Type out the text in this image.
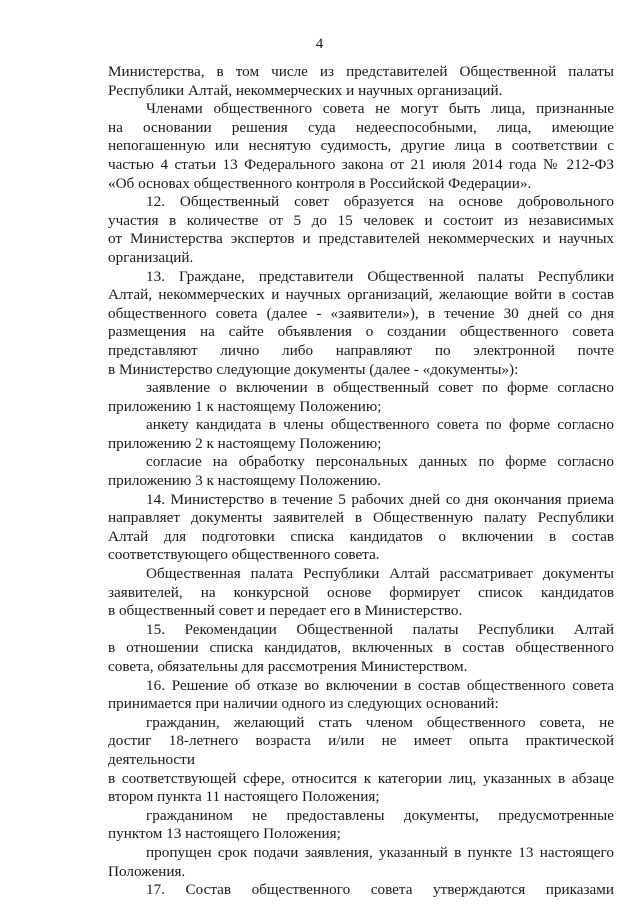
4
Министерства, в том числе из представителей Общественной палаты
Республики Алтай, некоммерческих и научных организаций.
Членами общественного совета не могут быть лица, признанные
на основании решения суда недееспособными, лица, имеющие
непогашенную или неснятую судимость, другие лица в соответствии с
частью 4 статьи 13 Федерального закона от 21 июля 2014 года № 212-ФЗ
«Об основах общественного контроля в Российской Федерации».
12. Общественный совет образуется на основе добровольного
участия в количестве от 5 до 15 человек и состоит из независимых
от Министерства экспертов и представителей некоммерческих и научных
организаций.
13. Граждане, представители Общественной палаты Республики
Алтай, некоммерческих и научных организаций, желающие войти в состав
общественного совета (далее - «заявители»), в течение 30 дней со дня
размещения на сайте объявления о создании общественного совета
представляют лично либо направляют по электронной почте
в Министерство следующие документы (далее - «документы»):
заявление о включении в общественный совет по форме согласно
приложению 1 к настоящему Положению;
анкету кандидата в члены общественного совета по форме согласно
приложению 2 к настоящему Положению;
согласие на обработку персональных данных по форме согласно
приложению 3 к настоящему Положению.
14. Министерство в течение 5 рабочих дней со дня окончания приема
направляет документы заявителей в Общественную палату Республики
Алтай для подготовки списка кандидатов о включении в состав
соответствующего общественного совета.
Общественная палата Республики Алтай рассматривает документы
заявителей, на конкурсной основе формирует список кандидатов
в общественный совет и передает его в Министерство.
15. Рекомендации Общественной палаты Республики Алтай
в отношении списка кандидатов, включенных в состав общественного
совета, обязательны для рассмотрения Министерством.
16. Решение об отказе во включении в состав общественного совета
принимается при наличии одного из следующих оснований:
гражданин, желающий стать членом общественного совета, не
достиг 18-летнего возраста и/или не имеет опыта практической
деятельности
в соответствующей сфере, относится к категории лиц, указанных в абзаце
втором пункта 11 настоящего Положения;
гражданином не предоставлены документы, предусмотренные
пунктом 13 настоящего Положения;
пропущен срок подачи заявления, указанный в пункте 13 настоящего
Положения.
17. Состав общественного совета утверждаются приказами
